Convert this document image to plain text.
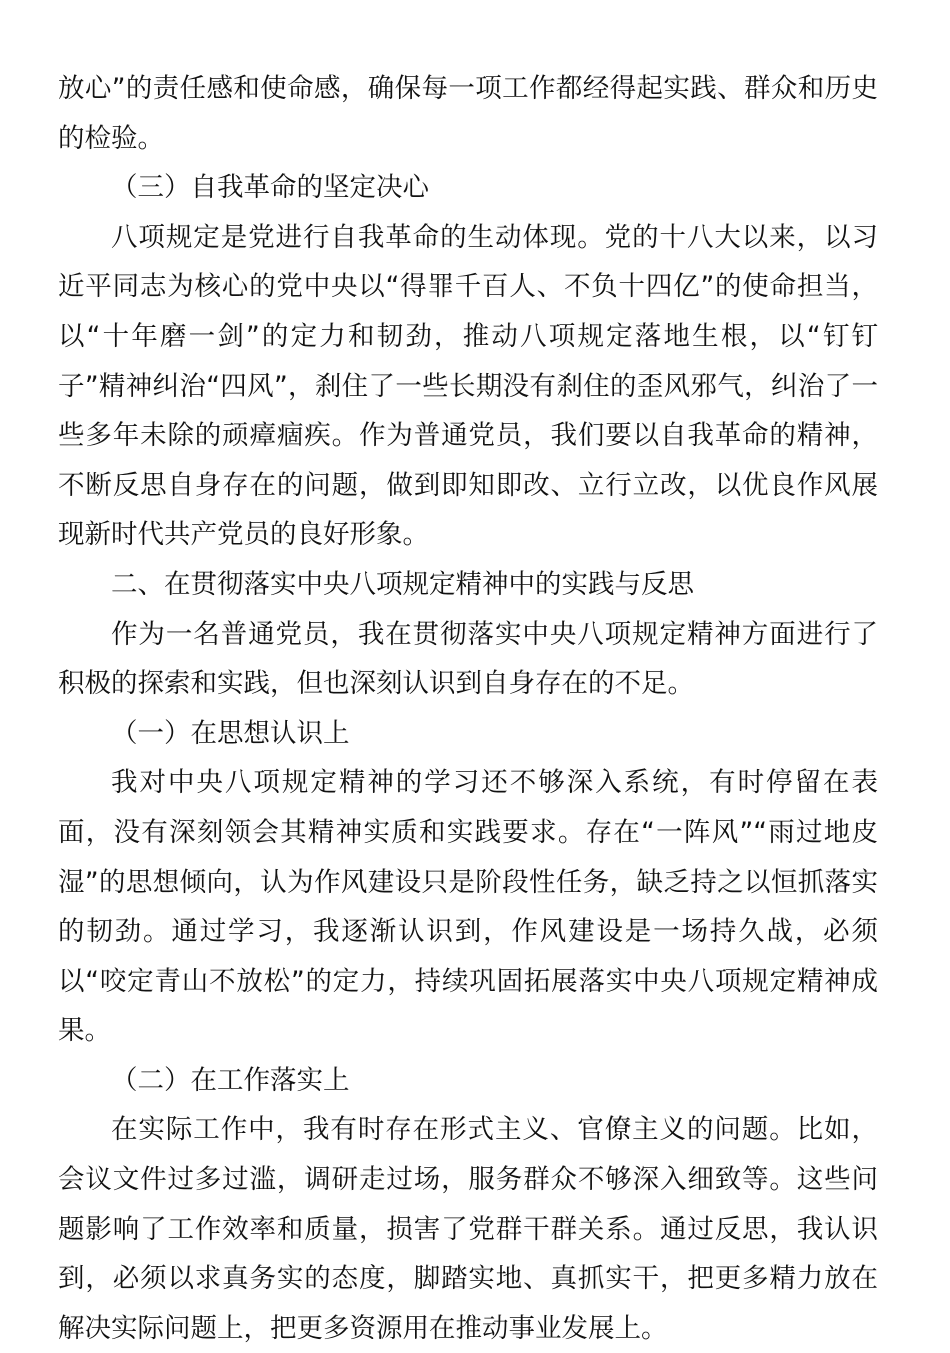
放心”的责任感和使命感，确保每一项工作都经得起实践、群众和历史的检验。

（三）自我革命的坚定决心

八项规定是党进行自我革命的生动体现。党的十八大以来，以习近平同志为核心的党中央以“得罪千百人、不负十四亿”的使命担当，以“十年磨一剑”的定力和韧劲，推动八项规定落地生根，以“钉钉子”精神纠治“四风”，刹住了一些长期没有刹住的歪风邪气，纠治了一些多年未除的顽瘴痼疾。作为普通党员，我们要以自我革命的精神，不断反思自身存在的问题，做到即知即改、立行立改，以优良作风展现新时代共产党员的良好形象。

二、在贯彻落实中央八项规定精神中的实践与反思

作为一名普通党员，我在贯彻落实中央八项规定精神方面进行了积极的探索和实践，但也深刻认识到自身存在的不足。

（一）在思想认识上

我对中央八项规定精神的学习还不够深入系统，有时停留在表面，没有深刻领会其精神实质和实践要求。存在“一阵风”“雨过地皮湿”的思想倾向，认为作风建设只是阶段性任务，缺乏持之以恒抓落实的韧劲。通过学习，我逐渐认识到，作风建设是一场持久战，必须以“咬定青山不放松”的定力，持续巩固拓展落实中央八项规定精神成果。

（二）在工作落实上

在实际工作中，我有时存在形式主义、官僚主义的问题。比如，会议文件过多过滥，调研走过场，服务群众不够深入细致等。这些问题影响了工作效率和质量，损害了党群干群关系。通过反思，我认识到，必须以求真务实的态度，脚踏实地、真抓实干，把更多精力放在解决实际问题上，把更多资源用在推动事业发展上。
